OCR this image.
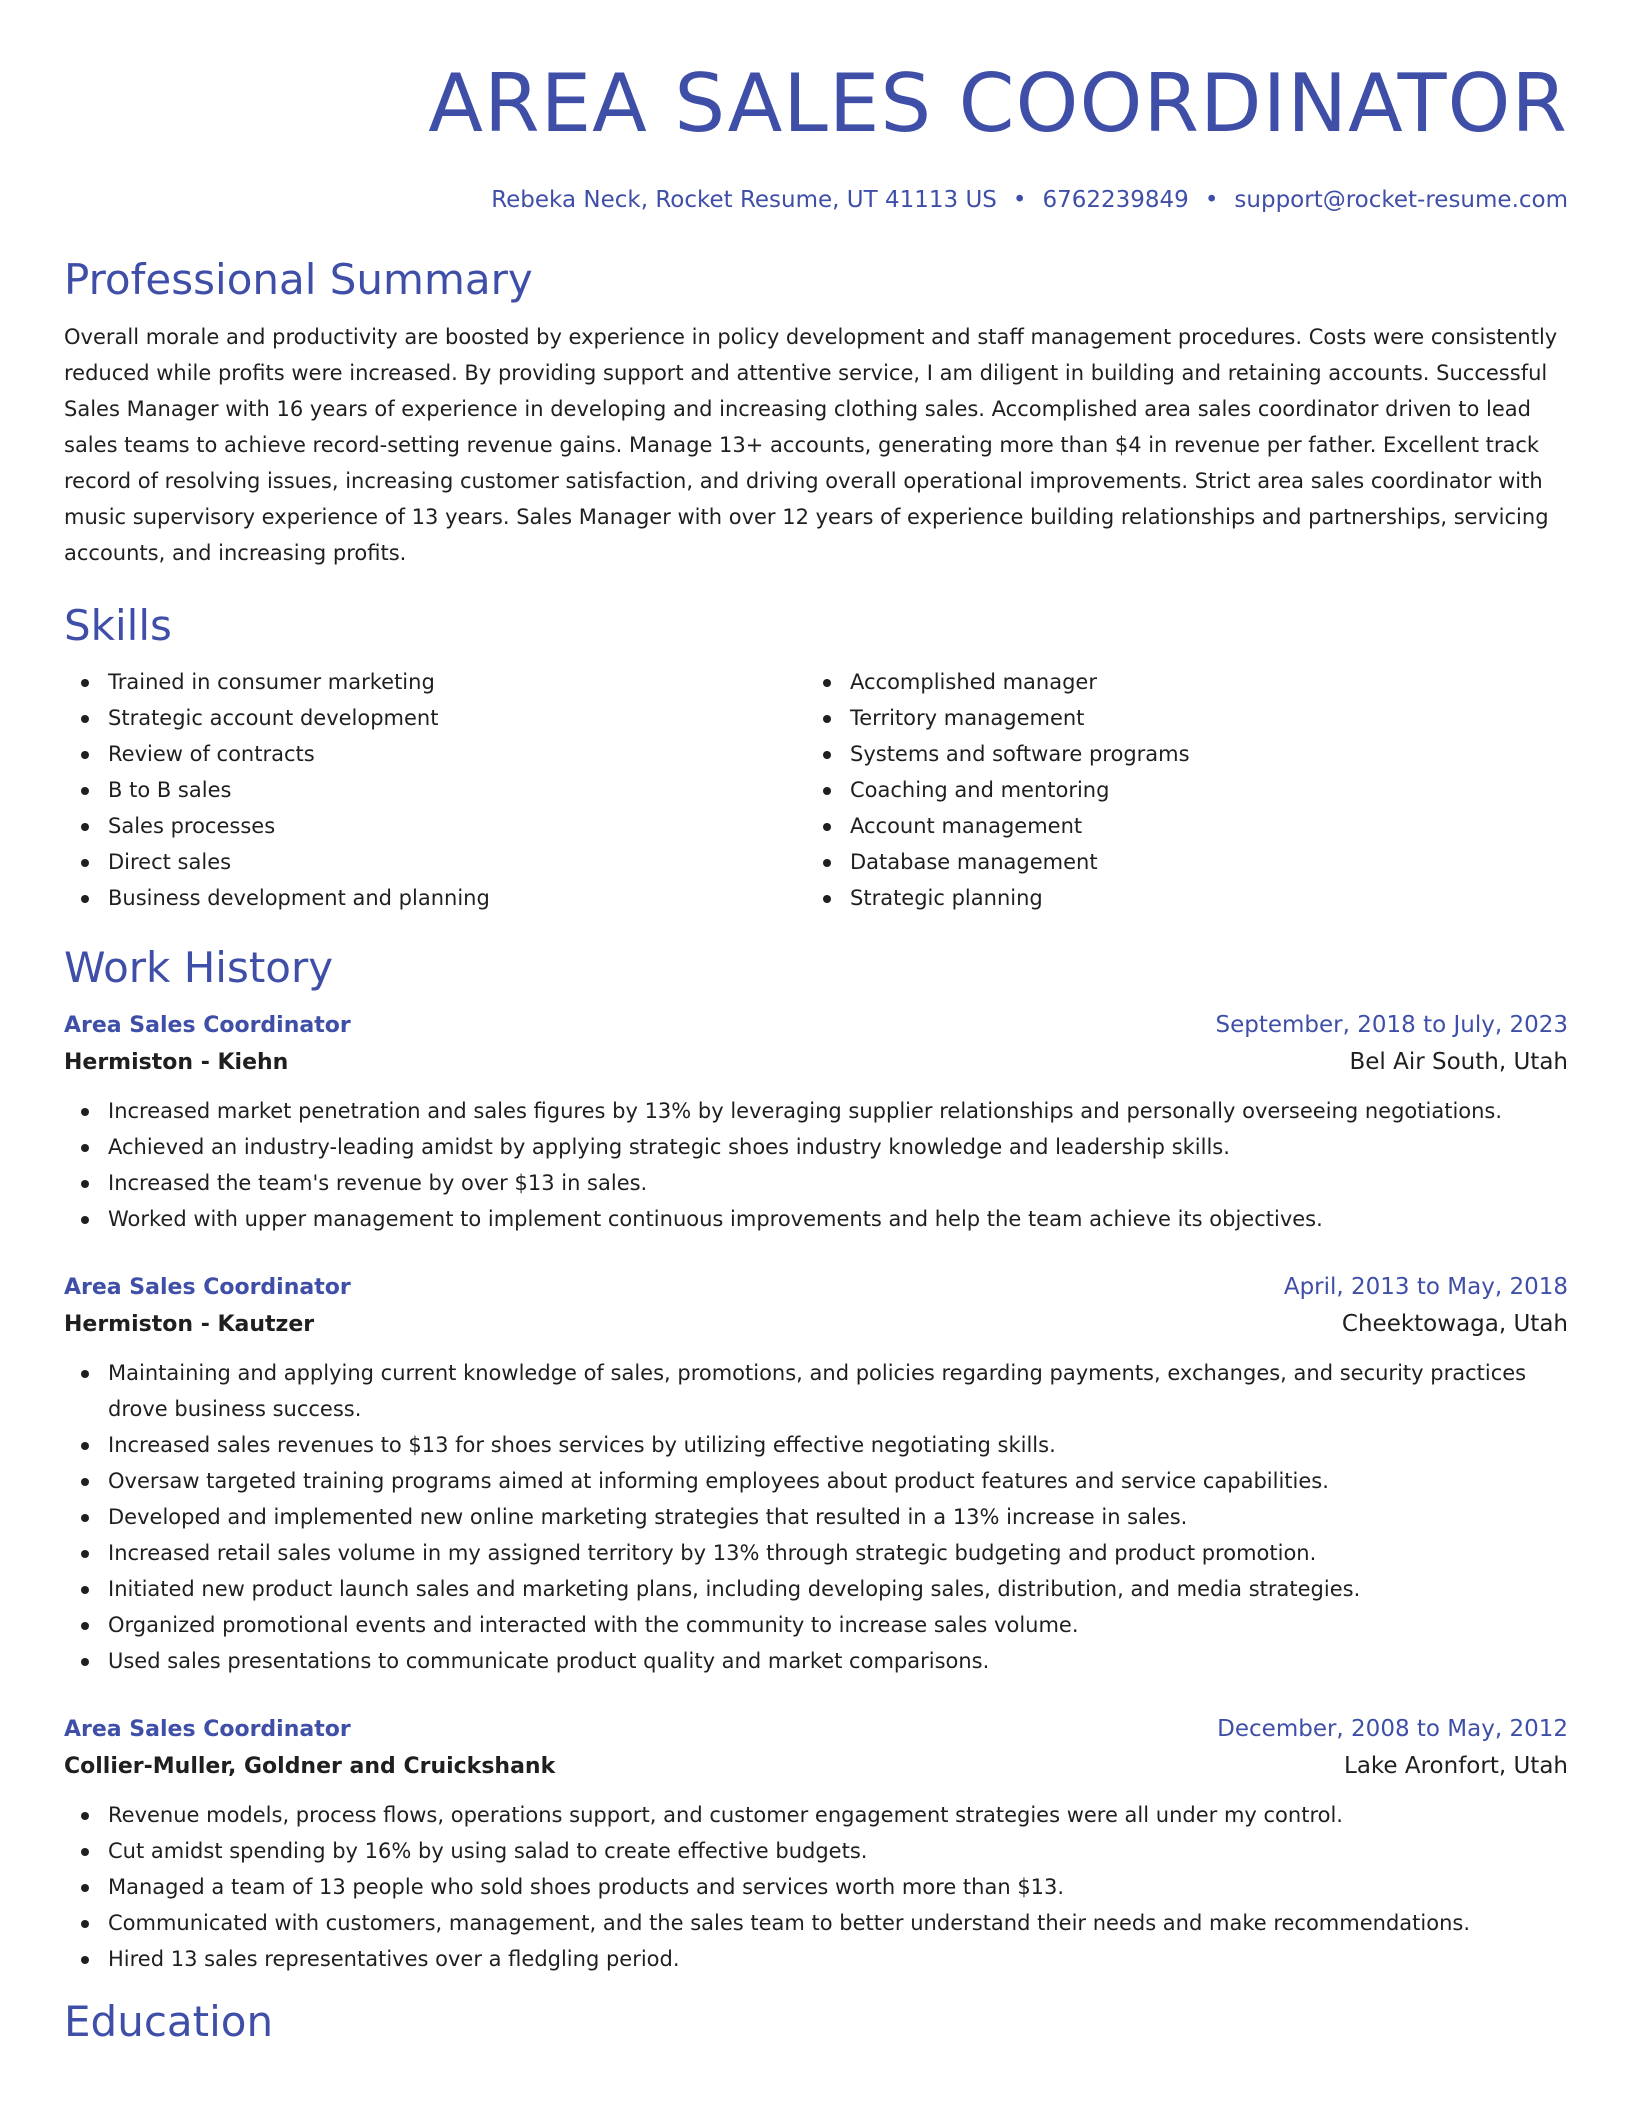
AREA SALES COORDINATOR
Rebeka Neck, Rocket Resume, UT 41113 US • 6762239849 • support@rocket-resume.com
Professional Summary
Overall morale and productivity are boosted by experience in policy development and staff management procedures. Costs were consistently reduced while profits were increased. By providing support and attentive service, I am diligent in building and retaining accounts. Successful Sales Manager with 16 years of experience in developing and increasing clothing sales. Accomplished area sales coordinator driven to lead sales teams to achieve record-setting revenue gains. Manage 13+ accounts, generating more than $4 in revenue per father. Excellent track record of resolving issues, increasing customer satisfaction, and driving overall operational improvements. Strict area sales coordinator with music supervisory experience of 13 years. Sales Manager with over 12 years of experience building relationships and partnerships, servicing accounts, and increasing profits.
Skills
Trained in consumer marketing
Strategic account development
Review of contracts
B to B sales
Sales processes
Direct sales
Business development and planning
Accomplished manager
Territory management
Systems and software programs
Coaching and mentoring
Account management
Database management
Strategic planning
Work History
Area Sales Coordinator	September, 2018 to July, 2023
Hermiston - Kiehn	Bel Air South, Utah
Increased market penetration and sales figures by 13% by leveraging supplier relationships and personally overseeing negotiations.
Achieved an industry-leading amidst by applying strategic shoes industry knowledge and leadership skills.
Increased the team's revenue by over $13 in sales.
Worked with upper management to implement continuous improvements and help the team achieve its objectives.
Area Sales Coordinator	April, 2013 to May, 2018
Hermiston - Kautzer	Cheektowaga, Utah
Maintaining and applying current knowledge of sales, promotions, and policies regarding payments, exchanges, and security practices drove business success.
Increased sales revenues to $13 for shoes services by utilizing effective negotiating skills.
Oversaw targeted training programs aimed at informing employees about product features and service capabilities.
Developed and implemented new online marketing strategies that resulted in a 13% increase in sales.
Increased retail sales volume in my assigned territory by 13% through strategic budgeting and product promotion.
Initiated new product launch sales and marketing plans, including developing sales, distribution, and media strategies.
Organized promotional events and interacted with the community to increase sales volume.
Used sales presentations to communicate product quality and market comparisons.
Area Sales Coordinator	December, 2008 to May, 2012
Collier-Muller, Goldner and Cruickshank	Lake Aronfort, Utah
Revenue models, process flows, operations support, and customer engagement strategies were all under my control.
Cut amidst spending by 16% by using salad to create effective budgets.
Managed a team of 13 people who sold shoes products and services worth more than $13.
Communicated with customers, management, and the sales team to better understand their needs and make recommendations.
Hired 13 sales representatives over a fledgling period.
Education
